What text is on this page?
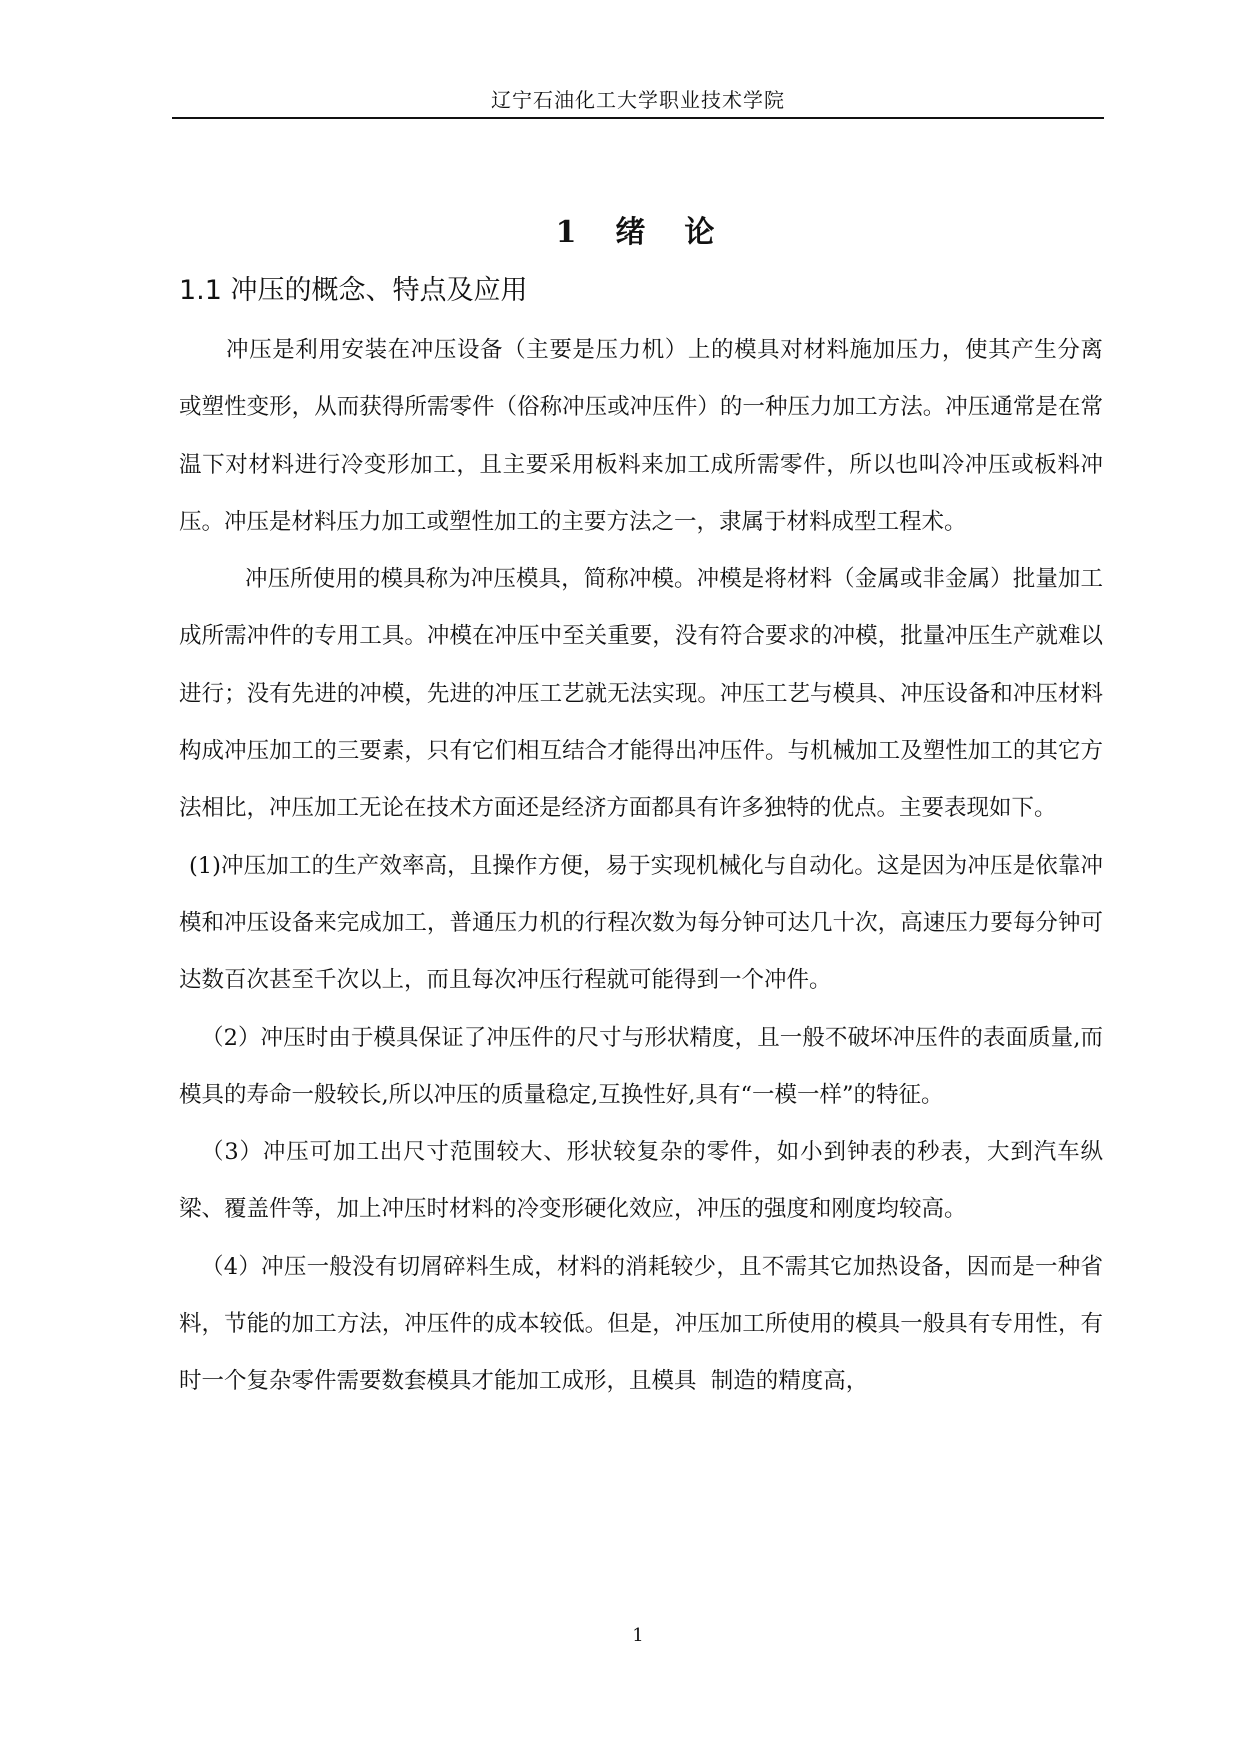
辽宁石油化工大学职业技术学院
1  绪  论
1.1 冲压的概念、特点及应用

冲压是利用安装在冲压设备（主要是压力机）上的模具对材料施加压力，使其产生分离或塑性变形，从而获得所需零件（俗称冲压或冲压件）的一种压力加工方法。冲压通常是在常温下对材料进行冷变形加工，且主要采用板料来加工成所需零件，所以也叫冷冲压或板料冲压。冲压是材料压力加工或塑性加工的主要方法之一，隶属于材料成型工程术。

冲压所使用的模具称为冲压模具，简称冲模。冲模是将材料（金属或非金属）批量加工成所需冲件的专用工具。冲模在冲压中至关重要，没有符合要求的冲模，批量冲压生产就难以进行；没有先进的冲模，先进的冲压工艺就无法实现。冲压工艺与模具、冲压设备和冲压材料构成冲压加工的三要素，只有它们相互结合才能得出冲压件。与机械加工及塑性加工的其它方法相比，冲压加工无论在技术方面还是经济方面都具有许多独特的优点。主要表现如下。

(1)冲压加工的生产效率高，且操作方便，易于实现机械化与自动化。这是因为冲压是依靠冲模和冲压设备来完成加工，普通压力机的行程次数为每分钟可达几十次，高速压力要每分钟可达数百次甚至千次以上，而且每次冲压行程就可能得到一个冲件。

（2）冲压时由于模具保证了冲压件的尺寸与形状精度，且一般不破坏冲压件的表面质量,而模具的寿命一般较长,所以冲压的质量稳定,互换性好,具有“一模一样”的特征。

（3）冲压可加工出尺寸范围较大、形状较复杂的零件，如小到钟表的秒表，大到汽车纵梁、覆盖件等，加上冲压时材料的冷变形硬化效应，冲压的强度和刚度均较高。

（4）冲压一般没有切屑碎料生成，材料的消耗较少，且不需其它加热设备，因而是一种省料，节能的加工方法，冲压件的成本较低。但是，冲压加工所使用的模具一般具有专用性，有时一个复杂零件需要数套模具才能加工成形，且模具  制造的精度高，

1
